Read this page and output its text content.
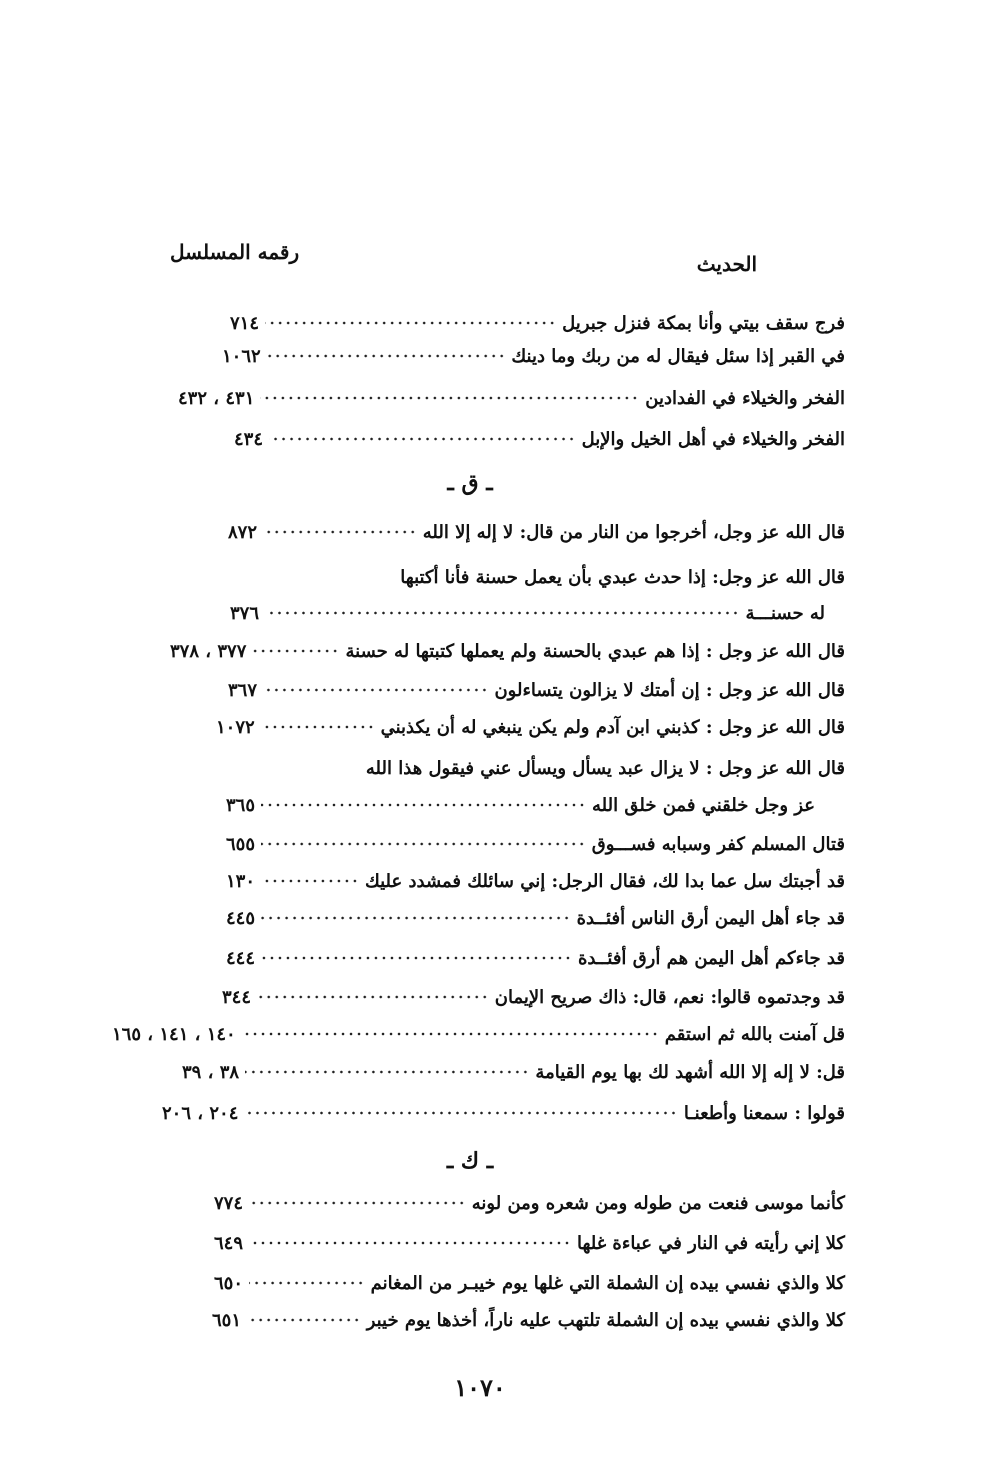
الحديث
رقمه المسلسل
فرج سقف بيتي وأنا بمكة فنزل جبريل
٧١٤
في القبر إذا سئل فيقال له من ربك وما دينك
١٠٦٢
الفخر والخيلاء في الفدادين
٤٣١ ، ٤٣٢
الفخر والخيلاء في أهل الخيل والإبل
٤٣٤
ـ ق ـ
قال الله عز وجل، أخرجوا من النار من قال: لا إله إلا الله
٨٧٢
قال الله عز وجل: إذا حدث عبدي بأن يعمل حسنة فأنا أكتبها
له حسنـــة
٣٧٦
قال الله عز وجل : إذا هم عبدي بالحسنة ولم يعملها كتبتها له حسنة
٣٧٧ ، ٣٧٨
قال الله عز وجل : إن أمتك لا يزالون يتساءلون
٣٦٧
قال الله عز وجل : كذبني ابن آدم ولم يكن ينبغي له أن يكذبني
١٠٧٢
قال الله عز وجل : لا يزال عبد يسأل ويسأل عني فيقول هذا الله
عز وجل خلقني فمن خلق الله
٣٦٥
قتال المسلم كفر وسبابه فســـوق
٦٥٥
قد أجبتك سل عما بدا لك، فقال الرجل: إني سائلك فمشدد عليك
١٣٠
قد جاء أهل اليمن أرق الناس أفئــدة
٤٤٥
قد جاءكم أهل اليمن هم أرق أفئــدة
٤٤٤
قد وجدتموه قالوا: نعم، قال: ذاك صريح الإيمان
٣٤٤
قل آمنت بالله ثم استقم
١٤٠ ، ١٤١ ، ١٦٥
قل: لا إله إلا الله أشهد لك بها يوم القيامة
٣٨ ، ٣٩
قولوا : سمعنا وأطعنـا
٢٠٤ ، ٢٠٦
ـ ك ـ
كأنما موسى فنعت من طوله ومن شعره ومن لونه
٧٧٤
كلا إني رأيته في النار في عباءة غلها
٦٤٩
كلا والذي نفسي بيده إن الشملة التي غلها يوم خيبـر من المغانم
٦٥٠
كلا والذي نفسي بيده إن الشملة تلتهب عليه ناراً، أخذها يوم خيبر
٦٥١
١٠٧٠
